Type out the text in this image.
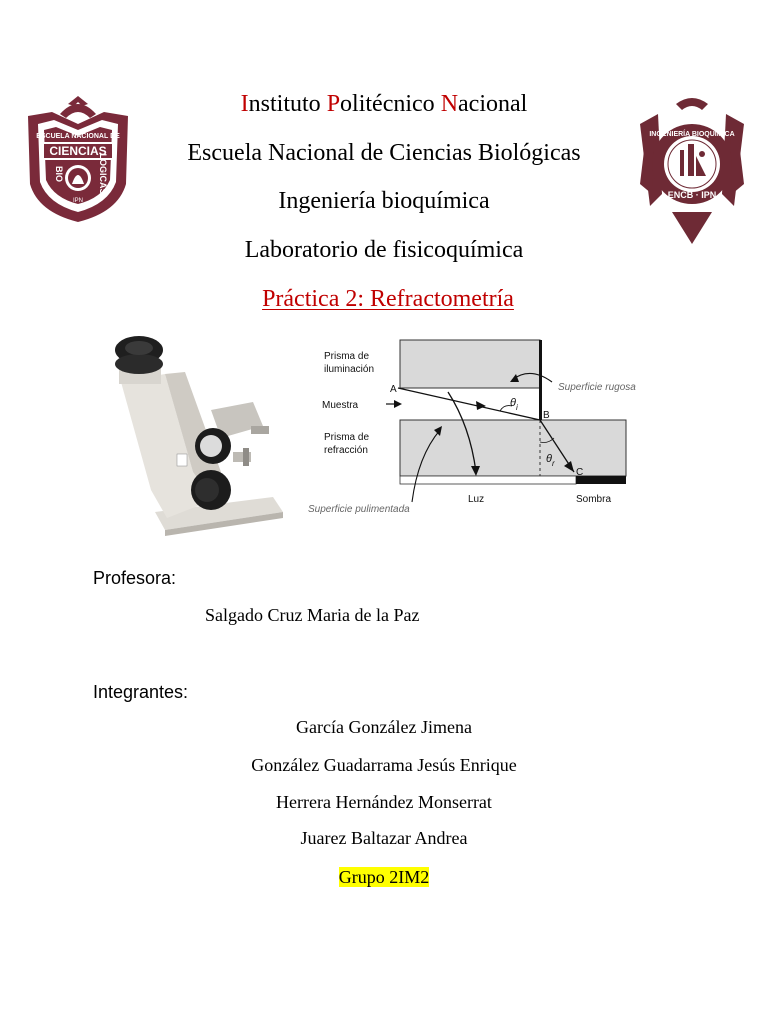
CIENCIAS
ESCUELA NACIONAL DE
BIO	LOGICAS
IPN
INGENIERÍA BIOQUÍMICA
ENCB · IPN
Instituto Politécnico Nacional
Escuela Nacional de Ciencias Biológicas
Ingeniería bioquímica
Laboratorio de fisicoquímica
Práctica 2: Refractometría
Prisma de
iluminación
Muestra
Prisma de
refracción
A
B
C
$\theta_i$
$\theta_r$
Superficie rugosa
Superficie pulimentada
Luz	Sombra
Profesora:
Salgado Cruz Maria de la Paz
Integrantes:
García González Jimena
González Guadarrama Jesús Enrique
Herrera Hernández Monserrat
Juarez Baltazar Andrea
Grupo 2IM2
